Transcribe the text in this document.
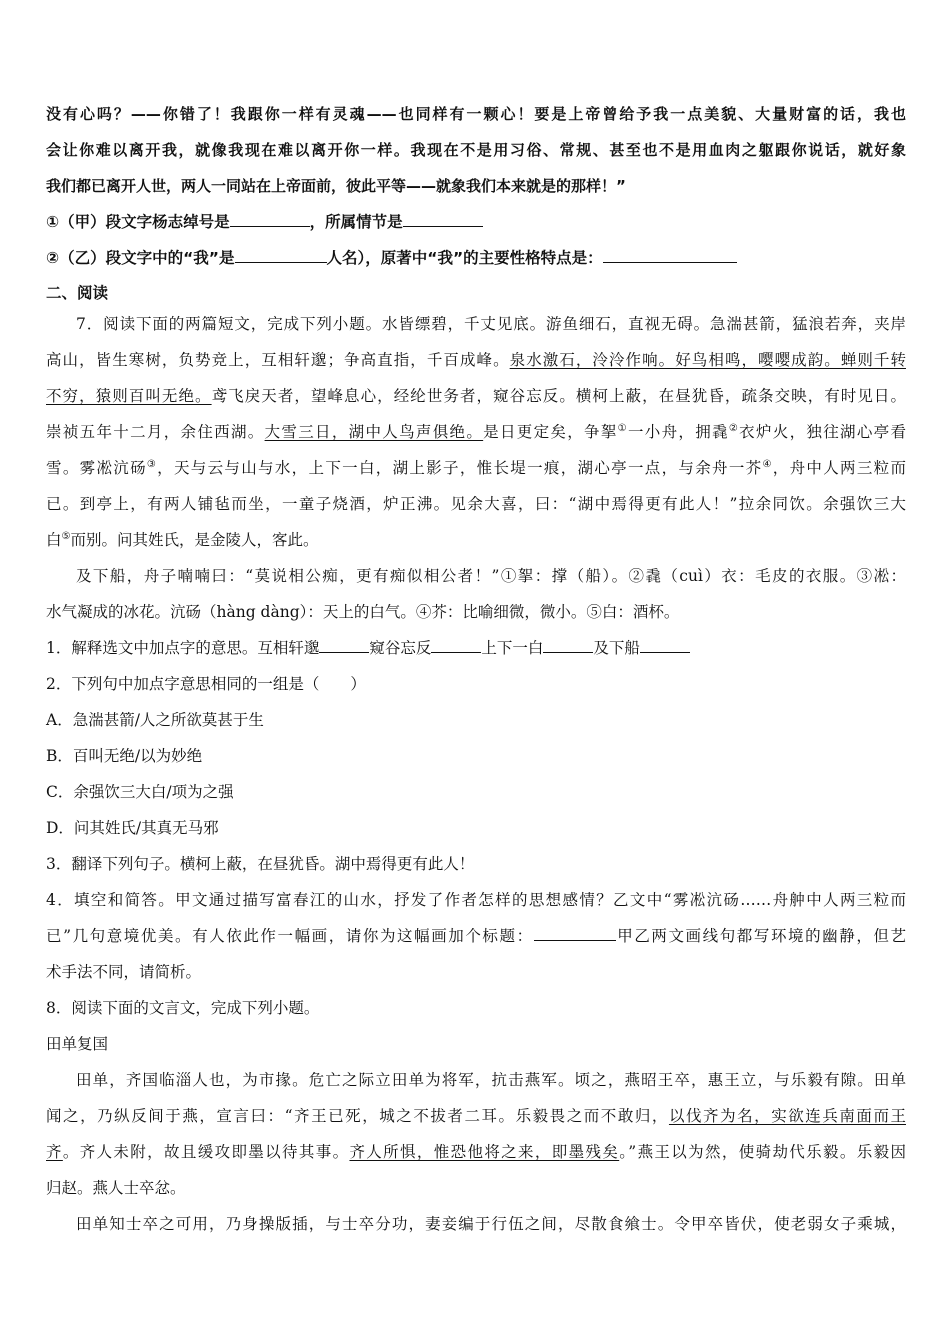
没有心吗？——你错了！我跟你一样有灵魂——也同样有一颗心！要是上帝曾给予我一点美貌、大量财富的话，我也
会让你难以离开我，就像我现在难以离开你一样。我现在不是用习俗、常规、甚至也不是用血肉之躯跟你说话，就好象
我们都已离开人世，两人一同站在上帝面前，彼此平等——就象我们本来就是的那样！”
①（甲）段文字杨志绰号是	，所属情节是
②（乙）段文字中的“我”是	人名），原著中“我”的主要性格特点是：
二、阅读
7．阅读下面的两篇短文，完成下列小题。水皆缥碧，千丈见底。游鱼细石，直视无碍。急湍甚箭，猛浪若奔，夹岸
高山，皆生寒树，负势竞上，互相轩邈；争高直指，千百成峰。泉水激石，泠泠作响。好鸟相鸣，嘤嘤成韵。蝉则千转
不穷，猿则百叫无绝。鸢飞戾天者，望峰息心，经纶世务者，窥谷忘反。横柯上蔽，在昼犹昏，疏条交映，有时见日。
崇祯五年十二月，余住西湖。大雪三日，湖中人鸟声俱绝。是日更定矣，争挐①一小舟，拥毳②衣炉火，独往湖心亭看
雪。雾凇沆砀③，天与云与山与水，上下一白，湖上影子，惟长堤一痕，湖心亭一点，与余舟一芥④，舟中人两三粒而
已。到亭上，有两人铺毡而坐，一童子烧酒，炉正沸。见余大喜，曰：“湖中焉得更有此人！”拉余同饮。余强饮三大
白⑤而别。问其姓氏，是金陵人，客此。
及下船，舟子喃喃曰：“莫说相公痴，更有痴似相公者！”①挐：撑（船）。②毳（cuì）衣：毛皮的衣服。③凇：
水气凝成的冰花。沆砀（hàng dàng）：天上的白气。④芥：比喻细微，微小。⑤白：酒杯。
1．解释选文中加点字的意思。互相轩邈	窥谷忘反	上下一白	及下船
2．下列句中加点字意思相同的一组是（　　）
A．急湍甚箭/人之所欲莫甚于生
B．百叫无绝/以为妙绝
C．余强饮三大白/项为之强
D．问其姓氏/其真无马邪
3．翻译下列句子。横柯上蔽，在昼犹昏。湖中焉得更有此人！
4．填空和简答。甲文通过描写富春江的山水，抒发了作者怎样的思想感情？乙文中“雾凇沆砀……舟舯中人两三粒而
已”几句意境优美。有人依此作一幅画，请你为这幅画加个标题：	甲乙两文画线句都写环境的幽静，但艺
术手法不同，请简析。
8．阅读下面的文言文，完成下列小题。
田单复国
田单，齐国临淄人也，为市掾。危亡之际立田单为将军，抗击燕军。顷之，燕昭王卒，惠王立，与乐毅有隙。田单
闻之，乃纵反间于燕，宣言曰：“齐王已死，城之不拔者二耳。乐毅畏之而不敢归，以伐齐为名，实欲连兵南面而王
齐。齐人未附，故且缓攻即墨以待其事。齐人所惧，惟恐他将之来，即墨残矣。”燕王以为然，使骑劫代乐毅。乐毅因
归赵。燕人士卒忿。
田单知士卒之可用，乃身操版插，与士卒分功，妻妾编于行伍之间，尽散食飨士。令甲卒皆伏，使老弱女子乘城，
